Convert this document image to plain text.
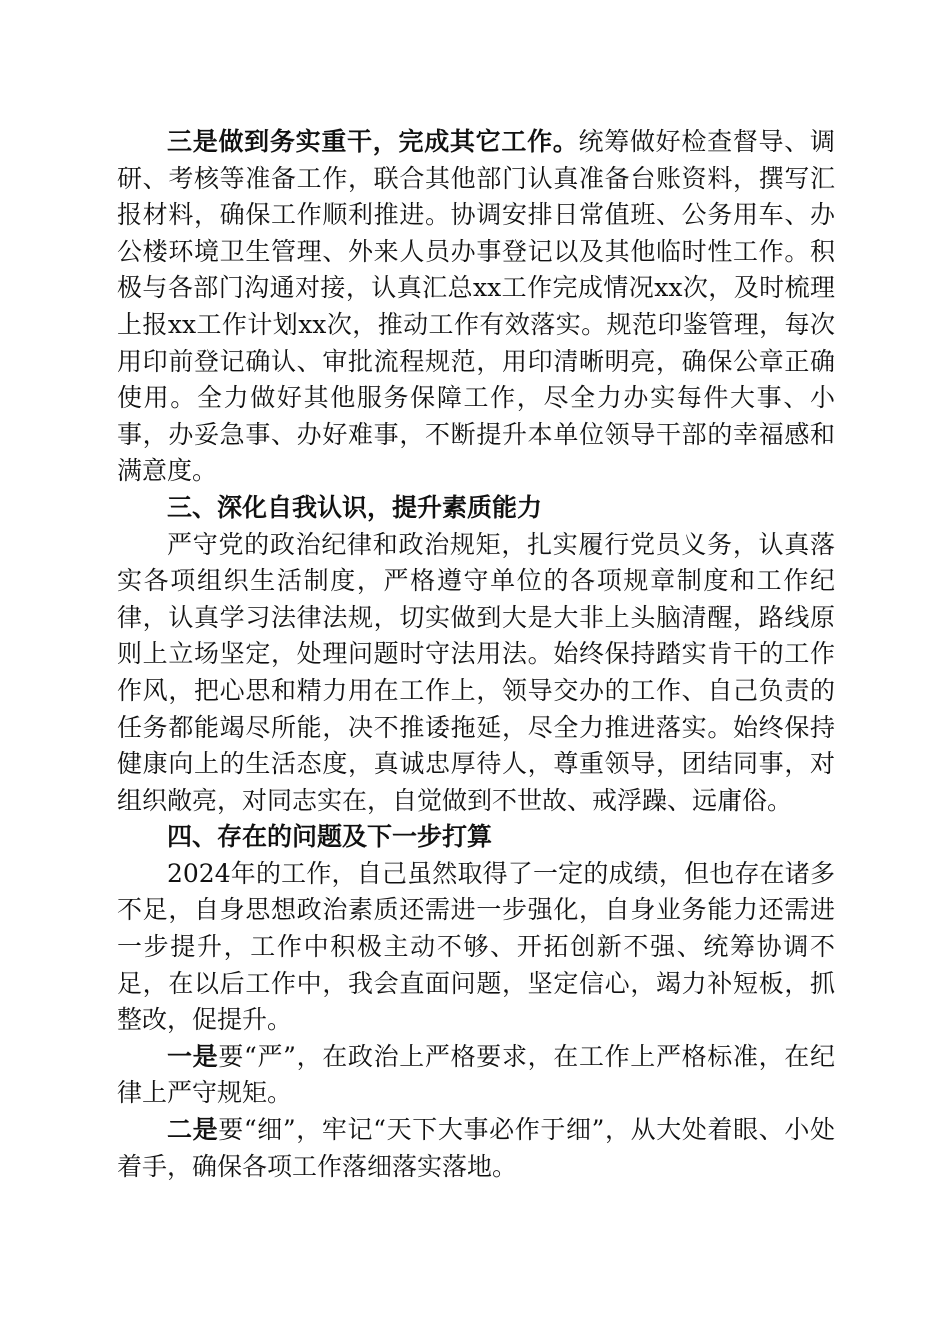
三是做到务实重干，完成其它工作。统筹做好检查督导、调研、考核等准备工作，联合其他部门认真准备台账资料，撰写汇报材料，确保工作顺利推进。协调安排日常值班、公务用车、办公楼环境卫生管理、外来人员办事登记以及其他临时性工作。积极与各部门沟通对接，认真汇总xx工作完成情况xx次，及时梳理上报xx工作计划xx次，推动工作有效落实。规范印鉴管理，每次用印前登记确认、审批流程规范，用印清晰明亮，确保公章正确使用。全力做好其他服务保障工作，尽全力办实每件大事、小事，办妥急事、办好难事，不断提升本单位领导干部的幸福感和满意度。

三、深化自我认识，提升素质能力

严守党的政治纪律和政治规矩，扎实履行党员义务，认真落实各项组织生活制度，严格遵守单位的各项规章制度和工作纪律，认真学习法律法规，切实做到大是大非上头脑清醒，路线原则上立场坚定，处理问题时守法用法。始终保持踏实肯干的工作作风，把心思和精力用在工作上，领导交办的工作、自己负责的任务都能竭尽所能，决不推诿拖延，尽全力推进落实。始终保持健康向上的生活态度，真诚忠厚待人，尊重领导，团结同事，对组织敞亮，对同志实在，自觉做到不世故、戒浮躁、远庸俗。

四、存在的问题及下一步打算

2024年的工作，自己虽然取得了一定的成绩，但也存在诸多不足，自身思想政治素质还需进一步强化，自身业务能力还需进一步提升，工作中积极主动不够、开拓创新不强、统筹协调不足，在以后工作中，我会直面问题，坚定信心，竭力补短板，抓整改，促提升。

一是要“严”，在政治上严格要求，在工作上严格标准，在纪律上严守规矩。

二是要“细”，牢记“天下大事必作于细”，从大处着眼、小处着手，确保各项工作落细落实落地。
